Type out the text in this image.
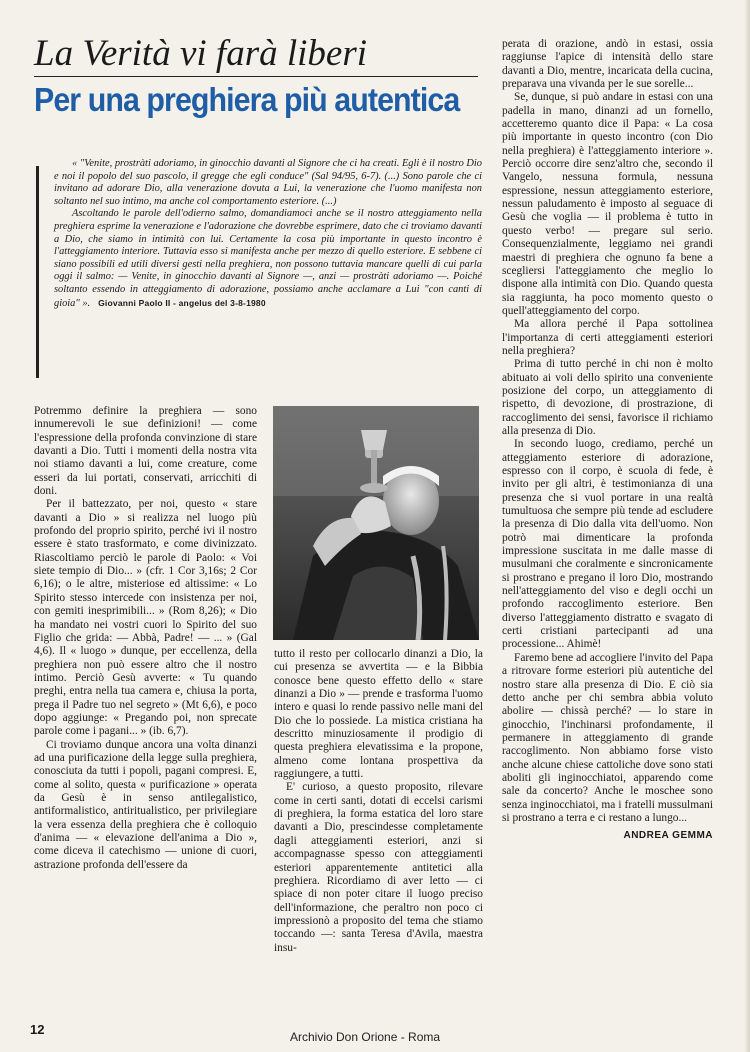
La Verità vi farà liberi
Per una preghiera più autentica

« "Venite, prostràti adoriamo, in ginocchio davanti al Signore che ci ha creati. Egli è il nostro Dio e noi il popolo del suo pascolo, il gregge che egli conduce" (Sal 94/95, 6-7). (...) Sono parole che ci invitano ad adorare Dio, alla venerazione dovuta a Lui, la venerazione che l'uomo manifesta non soltanto nel suo intimo, ma anche col comportamento esteriore. (...)

Ascoltando le parole dell'odierno salmo, domandiamoci anche se il nostro atteggiamento nella preghiera esprime la venerazione e l'adorazione che dovrebbe esprimere, dato che ci troviamo davanti a Dio, che siamo in intimità con lui. Certamente la cosa più importante in questo incontro è l'atteggiamento interiore. Tuttavia esso si manifesta anche per mezzo di quello esteriore. E sebbene ci siano possibili ed utili diversi gesti nella preghiera, non possono tuttavia mancare quelli di cui parla oggi il salmo: — Venite, in ginocchio davanti al Signore —, anzi — prostràti adoriamo —. Poiché soltanto essendo in atteggiamento di adorazione, possiamo anche acclamare a Lui "con canti di gioia" ». Giovanni Paolo II - angelus del 3-8-1980

Potremmo definire la preghiera — sono innumerevoli le sue definizioni! — come l'espressione della profonda convinzione di stare davanti a Dio. Tutti i momenti della nostra vita noi stiamo davanti a lui, come creature, come esseri da lui portati, conservati, arricchiti di doni.

Per il battezzato, per noi, questo « stare davanti a Dio » si realizza nel luogo più profondo del proprio spirito, perché ivi il nostro essere è stato trasformato, e come divinizzato. Riascoltiamo perciò le parole di Paolo: « Voi siete tempio di Dio... » (cfr. 1 Cor 3,16s; 2 Cor 6,16); o le altre, misteriose ed altissime: « Lo Spirito stesso intercede con insistenza per noi, con gemiti inesprimibili... » (Rom 8,26); « Dio ha mandato nei vostri cuori lo Spirito del suo Figlio che grida: — Abbà, Padre! — ... » (Gal 4,6). Il « luogo » dunque, per eccellenza, della preghiera non può essere altro che il nostro intimo. Perciò Gesù avverte: « Tu quando preghi, entra nella tua camera e, chiusa la porta, prega il Padre tuo nel segreto » (Mt 6,6), e poco dopo aggiunge: « Pregando poi, non sprecate parole come i pagani... » (ib. 6,7).

Ci troviamo dunque ancora una volta dinanzi ad una purificazione della legge sulla preghiera, conosciuta da tutti i popoli, pagani compresi. E, come al solito, questa « purificazione » operata da Gesù è in senso antilegalistico, antiformalistico, antiritualistico, per privilegiare la vera essenza della preghiera che è colloquio d'anima — « elevazione dell'anima a Dio », come diceva il catechismo — unione di cuori, astrazione profonda dell'essere da

tutto il resto per collocarlo dinanzi a Dio, la cui presenza se avvertita — e la Bibbia conosce bene questo effetto dello « stare dinanzi a Dio » — prende e trasforma l'uomo intero e quasi lo rende passivo nelle mani del Dio che lo possiede. La mistica cristiana ha descritto minuziosamente il prodigio di questa preghiera elevatissima e la propone, almeno come lontana prospettiva da raggiungere, a tutti.

E' curioso, a questo proposito, rilevare come in certi santi, dotati di eccelsi carismi di preghiera, la forma estatica del loro stare davanti a Dio, prescindesse completamente dagli atteggiamenti esteriori, anzi si accompagnasse spesso con atteggiamenti esteriori apparentemente antitetici alla preghiera. Ricordiamo di aver letto — ci spiace di non poter citare il luogo preciso dell'informazione, che peraltro non poco ci impressionò a proposito del tema che stiamo toccando —: santa Teresa d'Avila, maestra insu-

perata di orazione, andò in estasi, ossia raggiunse l'apice di intensità dello stare davanti a Dio, mentre, incaricata della cucina, preparava una vivanda per le sue sorelle...

Se, dunque, si può andare in estasi con una padella in mano, dinanzi ad un fornello, accetteremo quanto dice il Papa: « La cosa più importante in questo incontro (con Dio nella preghiera) è l'atteggiamento interiore ». Perciò occorre dire senz'altro che, secondo il Vangelo, nessuna formula, nessuna espressione, nessun atteggiamento esteriore, nessun paludamento è imposto al seguace di Gesù che voglia — il problema è tutto in questo verbo! — pregare sul serio. Consequenzialmente, leggiamo nei grandi maestri di preghiera che ognuno fa bene a scegliersi l'atteggiamento che meglio lo dispone alla intimità con Dio. Quando questa sia raggiunta, ha poco momento questo o quell'atteggiamento del corpo.

Ma allora perché il Papa sottolinea l'importanza di certi atteggiamenti esteriori nella preghiera?

Prima di tutto perché in chi non è molto abituato ai voli dello spirito una conveniente posizione del corpo, un atteggiamento di rispetto, di devozione, di prostrazione, di raccoglimento dei sensi, favorisce il richiamo alla presenza di Dio.

In secondo luogo, crediamo, perché un atteggiamento esteriore di adorazione, espresso con il corpo, è scuola di fede, è invito per gli altri, è testimonianza di una presenza che si vuol portare in una realtà tumultuosa che sempre più tende ad escludere la presenza di Dio dalla vita dell'uomo. Non potrò mai dimenticare la profonda impressione suscitata in me dalle masse di musulmani che coralmente e sincronicamente si prostrano e pregano il loro Dio, mostrando nell'atteggiamento del viso e degli occhi un profondo raccoglimento esteriore. Ben diverso l'atteggiamento distratto e svagato di certi cristiani partecipanti ad una processione... Ahimè!

Faremo bene ad accogliere l'invito del Papa a ritrovare forme esteriori più autentiche del nostro stare alla presenza di Dio. E ciò sia detto anche per chi sembra abbia voluto abolire — chissà perché? — lo stare in ginocchio, l'inchinarsi profondamente, il permanere in atteggiamento di grande raccoglimento. Non abbiamo forse visto anche alcune chiese cattoliche dove sono stati aboliti gli inginocchiatoi, apparendo come sale da concerto? Anche le moschee sono senza inginocchiatoi, ma i fratelli mussulmani si prostrano a terra e ci restano a lungo...

ANDREA GEMMA
12	Archivio Don Orione - Roma
